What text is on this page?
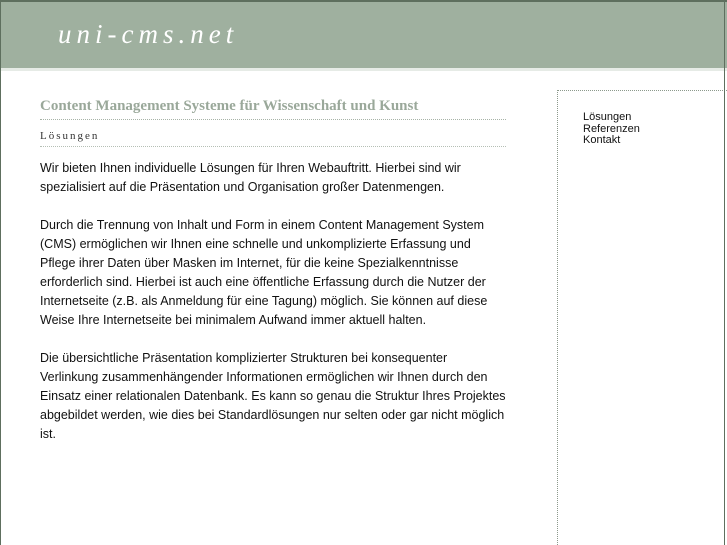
uni-cms.net
Content Management Systeme für Wissenschaft und Kunst
Lösungen

Wir bieten Ihnen individuelle Lösungen für Ihren Webauftritt. Hierbei sind wir spezialisiert auf die Präsentation und Organisation großer Datenmengen.

Durch die Trennung von Inhalt und Form in einem Content Management System (CMS) ermöglichen wir Ihnen eine schnelle und unkomplizierte Erfassung und Pflege ihrer Daten über Masken im Internet, für die keine Spezialkenntnisse erforderlich sind. Hierbei ist auch eine öffentliche Erfassung durch die Nutzer der Internetseite (z.B. als Anmeldung für eine Tagung) möglich. Sie können auf diese Weise Ihre Internetseite bei minimalem Aufwand immer aktuell halten.

Die übersichtliche Präsentation komplizierter Strukturen bei konsequenter Verlinkung zusammenhängender Informationen ermöglichen wir Ihnen durch den Einsatz einer relationalen Datenbank. Es kann so genau die Struktur Ihres Projektes abgebildet werden, wie dies bei Standardlösungen nur selten oder gar nicht möglich ist.

Lösungen
Referenzen
Kontakt
